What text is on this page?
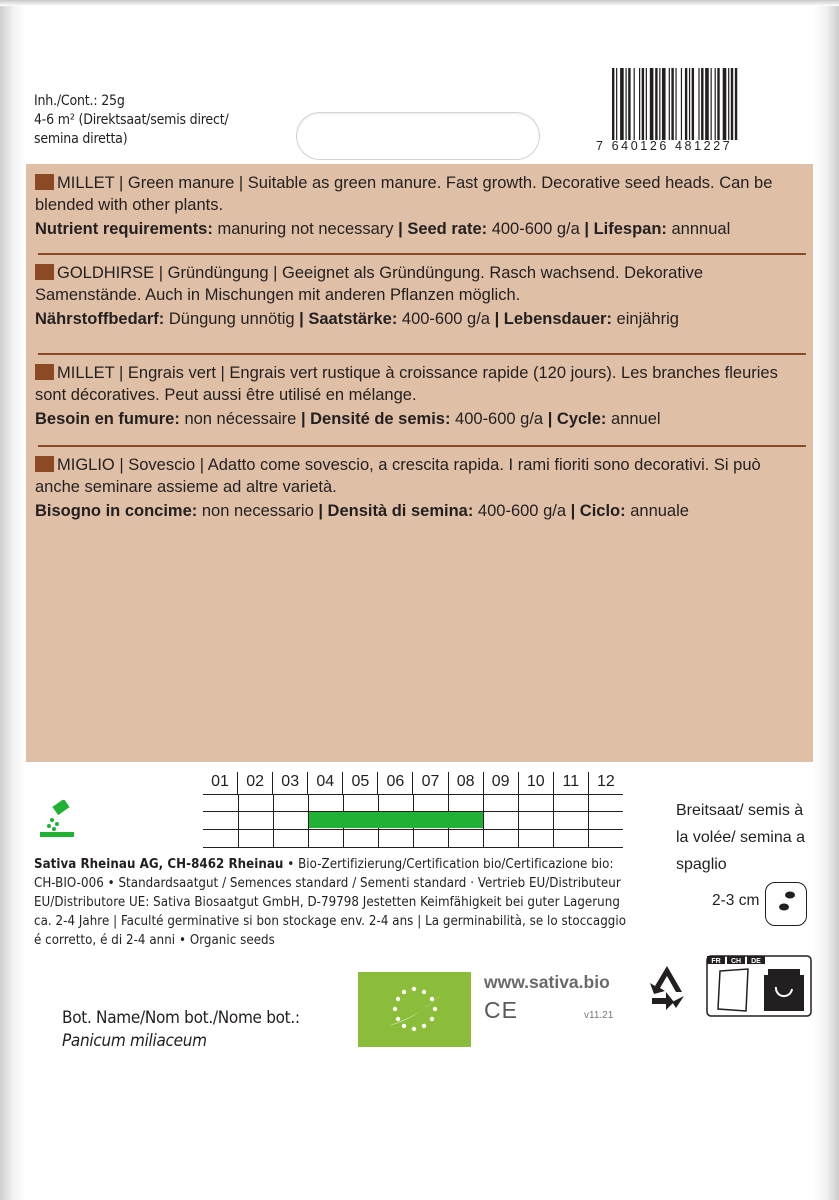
Inh./Cont.: 25g
4-6 m² (Direktsaat/semis direct/
semina diretta)	7 640126 481227
MILLET | Green manure | Suitable as green manure. Fast growth. Decorative seed heads. Can be blended with other plants.
Nutrient requirements: manuring not necessary | Seed rate: 400-600 g/a | Lifespan: annnual
GOLDHIRSE | Gründüngung | Geeignet als Gründüngung. Rasch wachsend. Dekorative Samenstände. Auch in Mischungen mit anderen Pflanzen möglich.
Nährstoffbedarf: Düngung unnötig | Saatstärke: 400-600 g/a | Lebensdauer: einjährig
MILLET | Engrais vert | Engrais vert rustique à croissance rapide (120 jours). Les branches fleuries sont décoratives. Peut aussi être utilisé en mélange.
Besoin en fumure: non nécessaire | Densité de semis: 400-600 g/a | Cycle: annuel
MIGLIO | Sovescio | Adatto come sovescio, a crescita rapida. I rami fioriti sono decorativi. Si può anche seminare assieme ad altre varietà.
Bisogno in concime: non necessario | Densità di semina: 400-600 g/a | Ciclo: annuale
01	02	03	04	05	06	07	08	09	10	11	12
Sativa Rheinau AG, CH-8462 Rheinau • Bio-Zertifizierung/Certification bio/Certificazione bio: CH-BIO-006 • Standardsaatgut / Semences standard / Sementi standard · Vertrieb EU/Distributeur EU/Distributore UE: Sativa Biosaatgut GmbH, D-79798 Jestetten Keimfähigkeit bei guter Lagerung ca. 2-4 Jahre | Faculté germinative si bon stockage env. 2-4 ans | La germinabilità, se lo stoccaggio é corretto, é di 2-4 anni • Organic seeds
Breitsaat/ semis à la volée/ semina a spaglio
2-3 cm
www.sativa.bio
CE	v11.21
FR CH DE
Bot. Name/Nom bot./Nome bot.:
Panicum miliaceum
